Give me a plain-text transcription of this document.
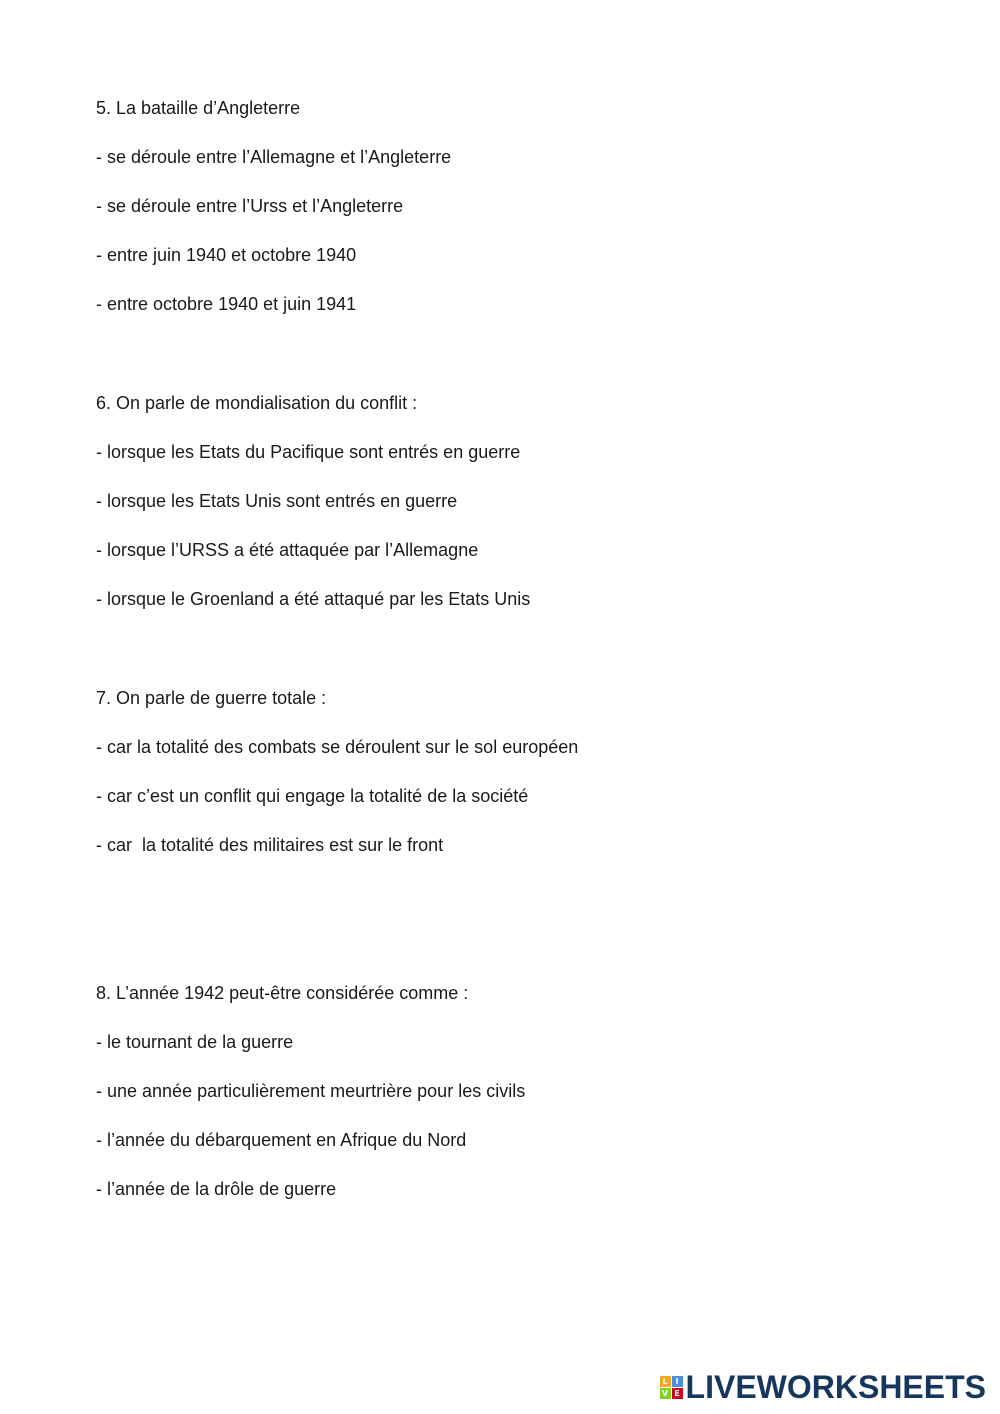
5. La bataille d’Angleterre
- se déroule entre l’Allemagne et l’Angleterre
- se déroule entre l’Urss et l’Angleterre
- entre juin 1940 et octobre 1940
- entre octobre 1940 et juin 1941
6. On parle de mondialisation du conflit :
- lorsque les Etats du Pacifique sont entrés en guerre
- lorsque les Etats Unis sont entrés en guerre
- lorsque l’URSS a été attaquée par l’Allemagne
- lorsque le Groenland a été attaqué par les Etats Unis
7. On parle de guerre totale :
- car la totalité des combats se déroulent sur le sol européen
- car c’est un conflit qui engage la totalité de la société
- car  la totalité des militaires est sur le front
8. L’année 1942 peut-être considérée comme :
- le tournant de la guerre
- une année particulièrement meurtrière pour les civils
- l’année du débarquement en Afrique du Nord
- l’année de la drôle de guerre
L I
V E LIVEWORKSHEETS
